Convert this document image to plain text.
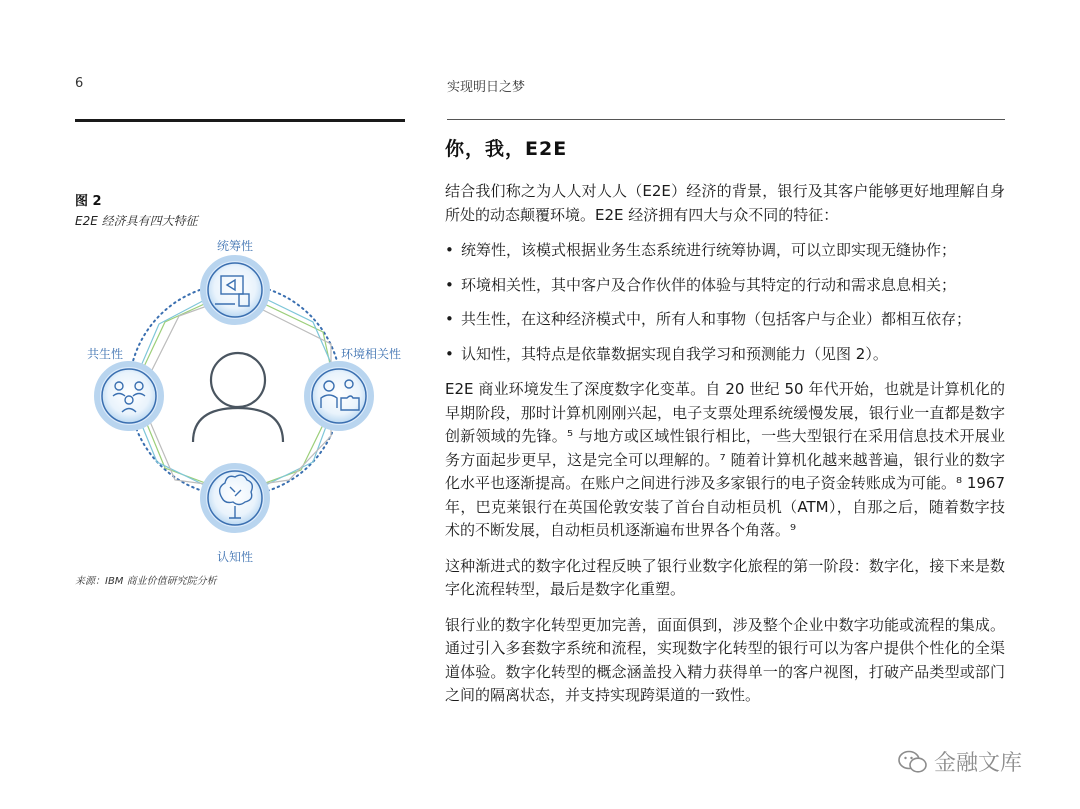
6	实现明日之梦
你，我，E2E
图 2
E2E 经济具有四大特征
统筹性
环境相关性
认知性
共生性
来源：IBM 商业价值研究院分析

结合我们称之为人人对人人（E2E）经济的背景，银行及其客户能够更好地理解自身所处的动态颠覆环境。E2E 经济拥有四大与众不同的特征：

• 统筹性，该模式根据业务生态系统进行统筹协调，可以立即实现无缝协作；
• 环境相关性，其中客户及合作伙伴的体验与其特定的行动和需求息息相关；
• 共生性，在这种经济模式中，所有人和事物（包括客户与企业）都相互依存；
• 认知性，其特点是依靠数据实现自我学习和预测能力（见图 2）。

E2E 商业环境发生了深度数字化变革。自 20 世纪 50 年代开始，也就是计算机化的早期阶段，那时计算机刚刚兴起，电子支票处理系统缓慢发展，银行业一直都是数字创新领域的先锋。⁵ 与地方或区域性银行相比，一些大型银行在采用信息技术开展业务方面起步更早，这是完全可以理解的。⁷ 随着计算机化越来越普遍，银行业的数字化水平也逐渐提高。在账户之间进行涉及多家银行的电子资金转账成为可能。⁸ 1967 年，巴克莱银行在英国伦敦安装了首台自动柜员机（ATM），自那之后，随着数字技术的不断发展，自动柜员机逐渐遍布世界各个角落。⁹

这种渐进式的数字化过程反映了银行业数字化旅程的第一阶段：数字化，接下来是数字化流程转型，最后是数字化重塑。

银行业的数字化转型更加完善，面面俱到，涉及整个企业中数字功能或流程的集成。通过引入多套数字系统和流程，实现数字化转型的银行可以为客户提供个性化的全渠道体验。数字化转型的概念涵盖投入精力获得单一的客户视图，打破产品类型或部门之间的隔离状态，并支持实现跨渠道的一致性。

金融文库
